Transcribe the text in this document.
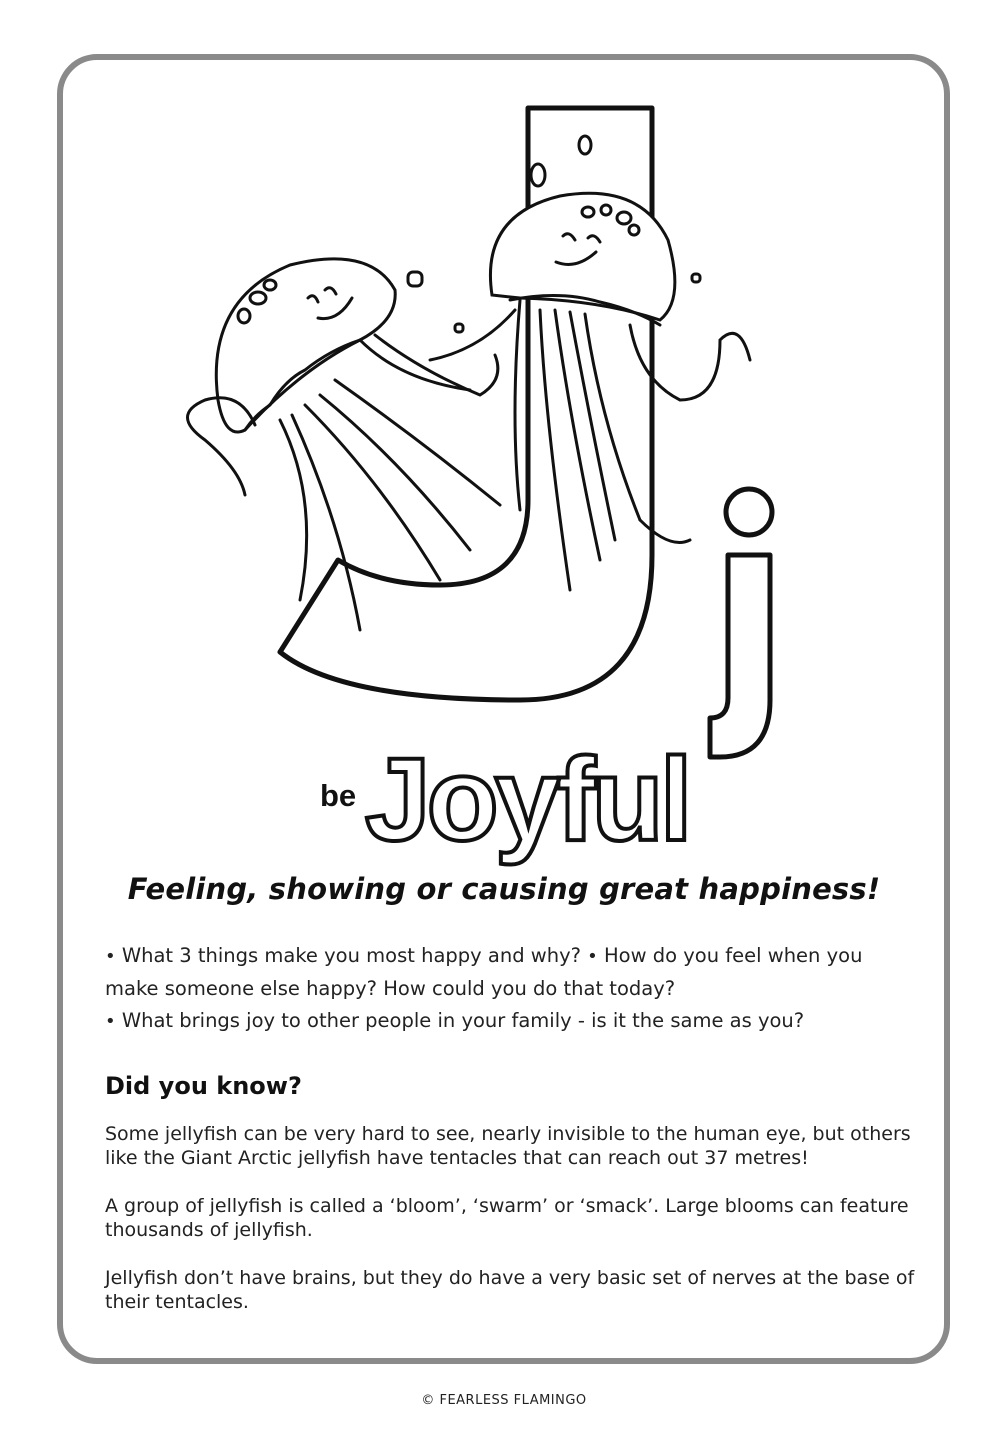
Joyful
be
Feeling, showing or causing great happiness!
• What 3 things make you most happy and why? • How do you feel when you make someone else happy? How could you do that today?
• What brings joy to other people in your family - is it the same as you?
Did you know?
Some jellyfish can be very hard to see, nearly invisible to the human eye, but others like the Giant Arctic jellyfish have tentacles that can reach out 37 metres!
A group of jellyfish is called a ‘bloom’, ‘swarm’ or ‘smack’. Large blooms can feature thousands of jellyfish.
Jellyfish don’t have brains, but they do have a very basic set of nerves at the base of their tentacles.
© FEARLESS FLAMINGO
